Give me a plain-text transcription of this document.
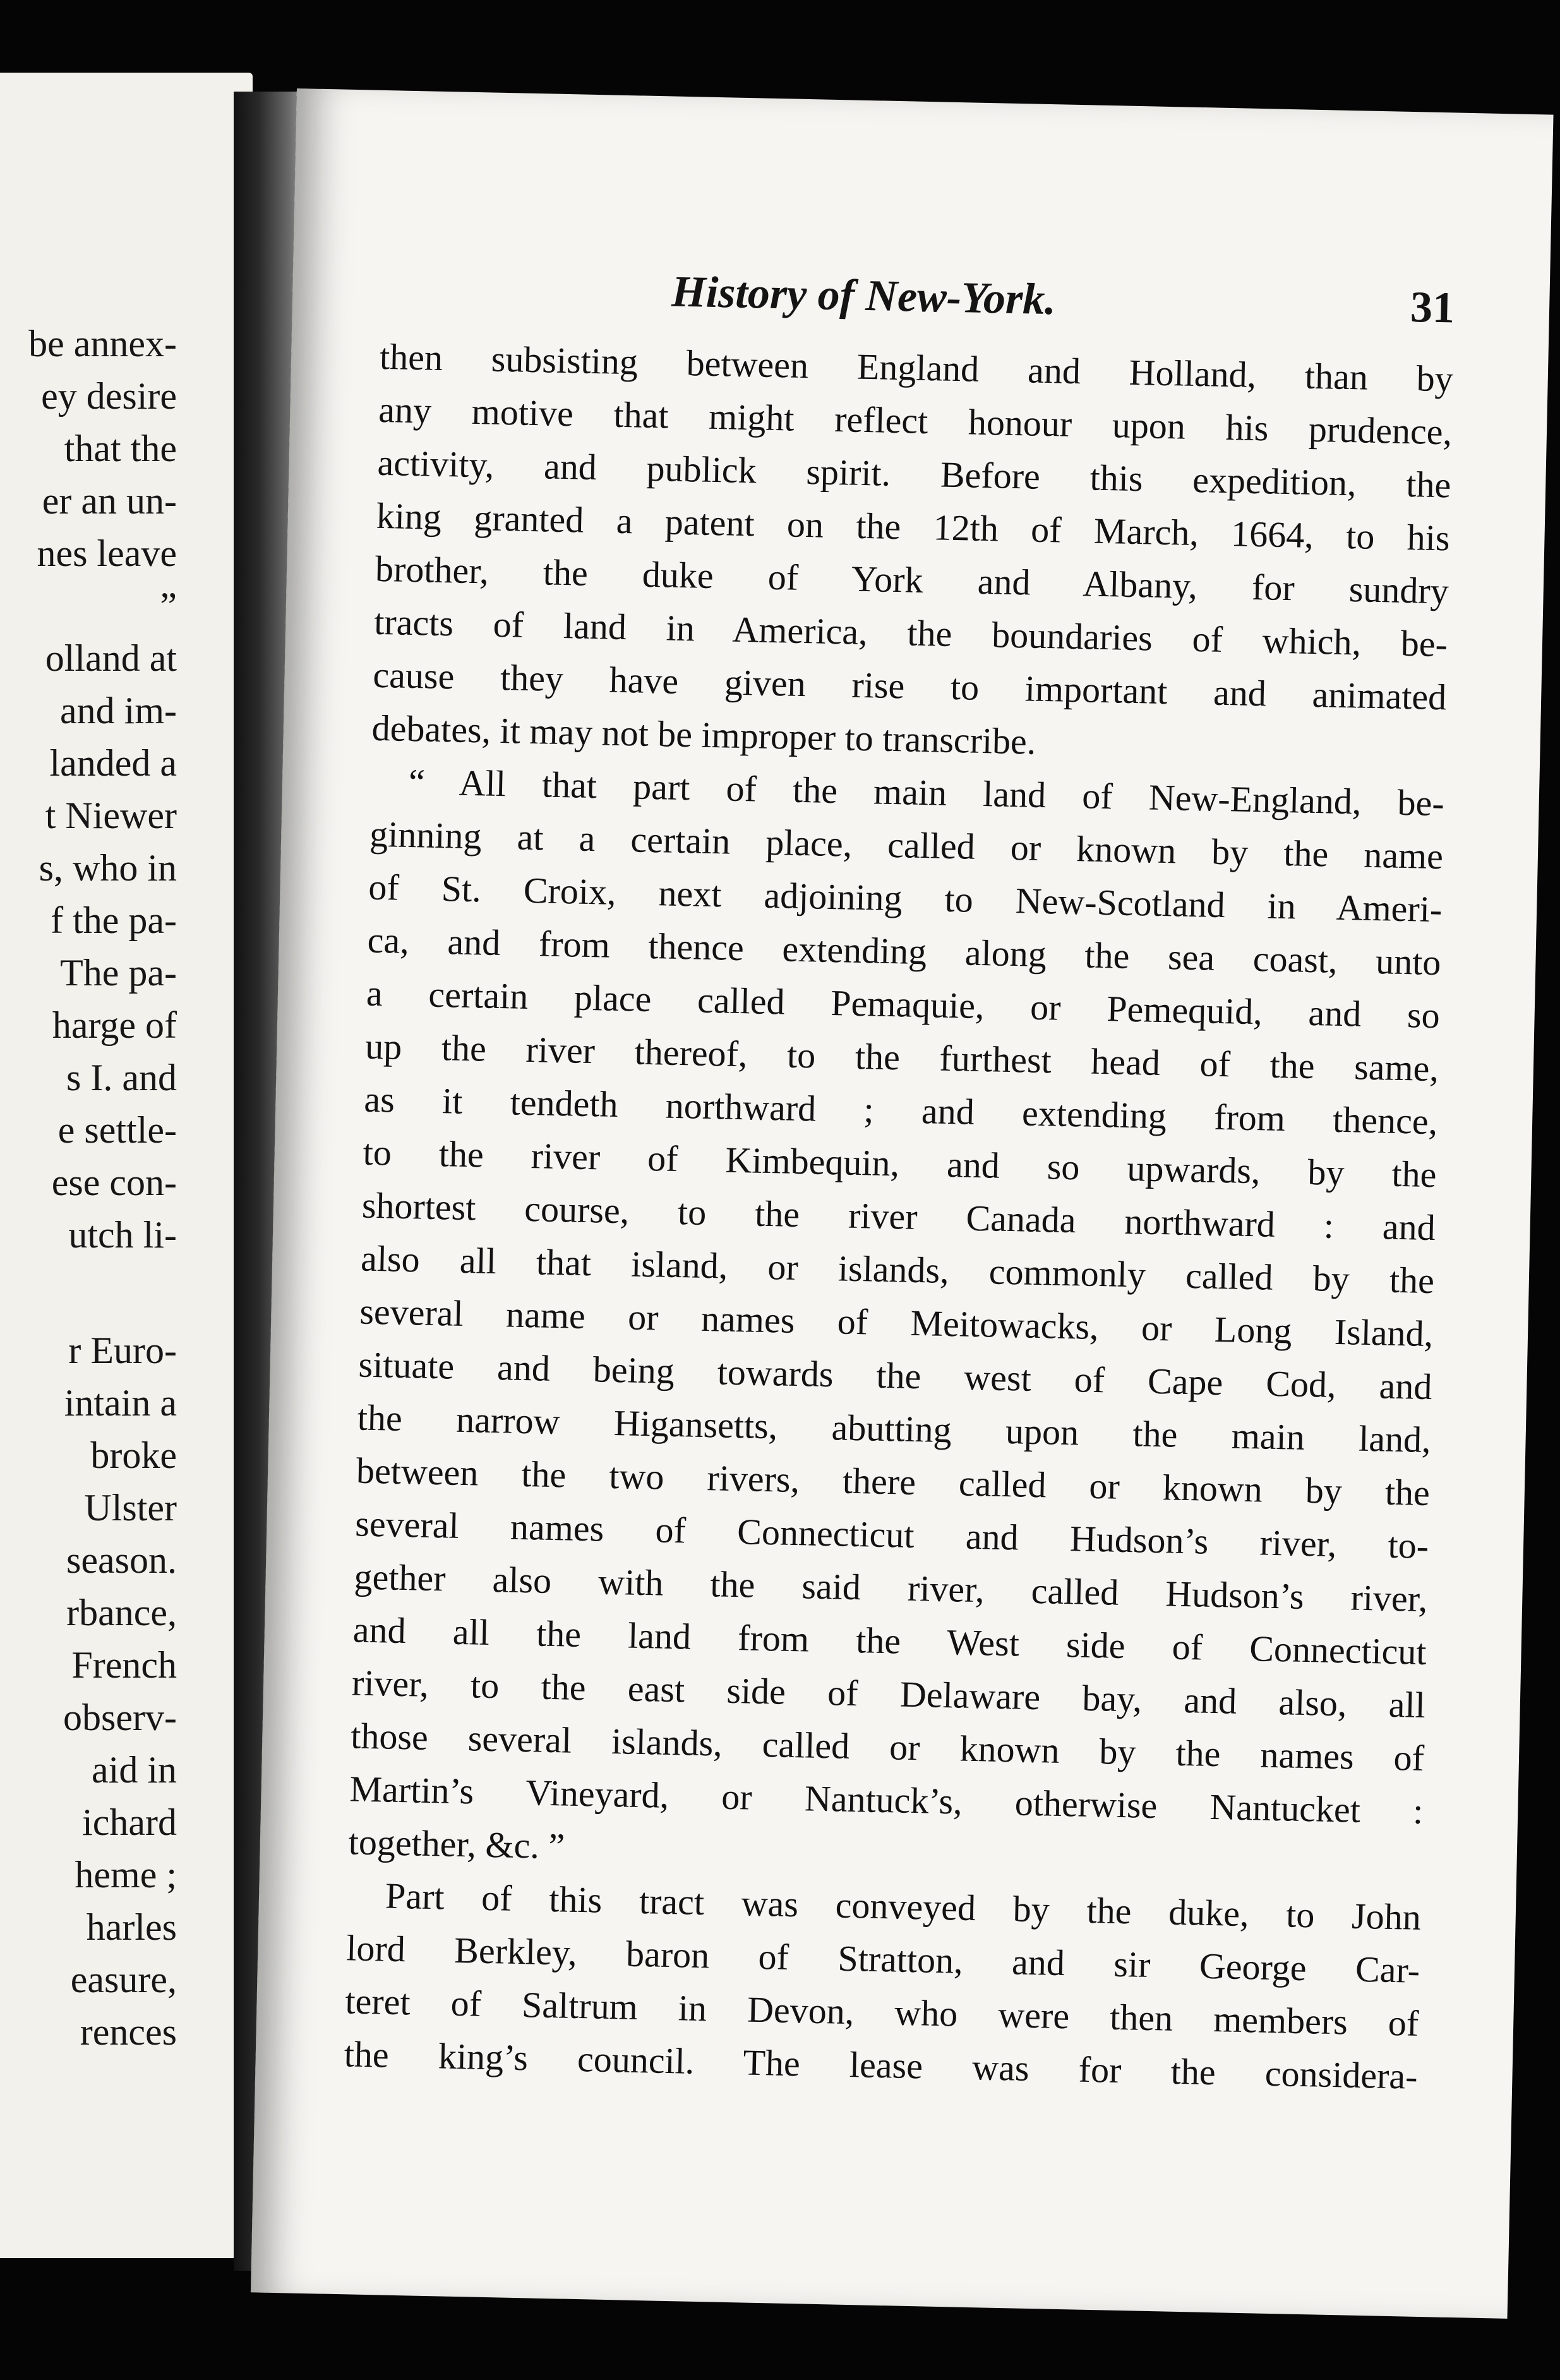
be annex-
ey desire
that the
er an un-
nes leave
”
olland at
and im-
landed a
t Niewer
s, who in
f the pa-
The pa-
harge of
s I. and
e settle-
ese con-
utch li-
r Euro-
intain a
broke
Ulster
season.
rbance,
French
observ-
aid in
ichard
heme ;
harles
easure,
rences
History of New-York.	31
then subsisting between England and Holland, than by
any motive that might reflect honour upon his prudence,
activity, and publick spirit. Before this expedition, the
king granted a patent on the 12th of March, 1664, to his
brother, the duke of York and Albany, for sundry
tracts of land in America, the boundaries of which, be-
cause they have given rise to important and animated
debates, it may not be improper to transcribe.
“ All that part of the main land of New-England, be-
ginning at a certain place, called or known by the name
of St. Croix, next adjoining to New-Scotland in Ameri-
ca, and from thence extending along the sea coast, unto
a certain place called Pemaquie, or Pemequid, and so
up the river thereof, to the furthest head of the same,
as it tendeth northward ; and extending from thence,
to the river of Kimbequin, and so upwards, by the
shortest course, to the river Canada northward : and
also all that island, or islands, commonly called by the
several name or names of Meitowacks, or Long Island,
situate and being towards the west of Cape Cod, and
the narrow Higansetts, abutting upon the main land,
between the two rivers, there called or known by the
several names of Connecticut and Hudson’s river, to-
gether also with the said river, called Hudson’s river,
and all the land from the West side of Connecticut
river, to the east side of Delaware bay, and also, all
those several islands, called or known by the names of
Martin’s Vineyard, or Nantuck’s, otherwise Nantucket :
together, &c. ”
Part of this tract was conveyed by the duke, to John
lord Berkley, baron of Stratton, and sir George Car-
teret of Saltrum in Devon, who were then members of
the king’s council. The lease was for the considera-
